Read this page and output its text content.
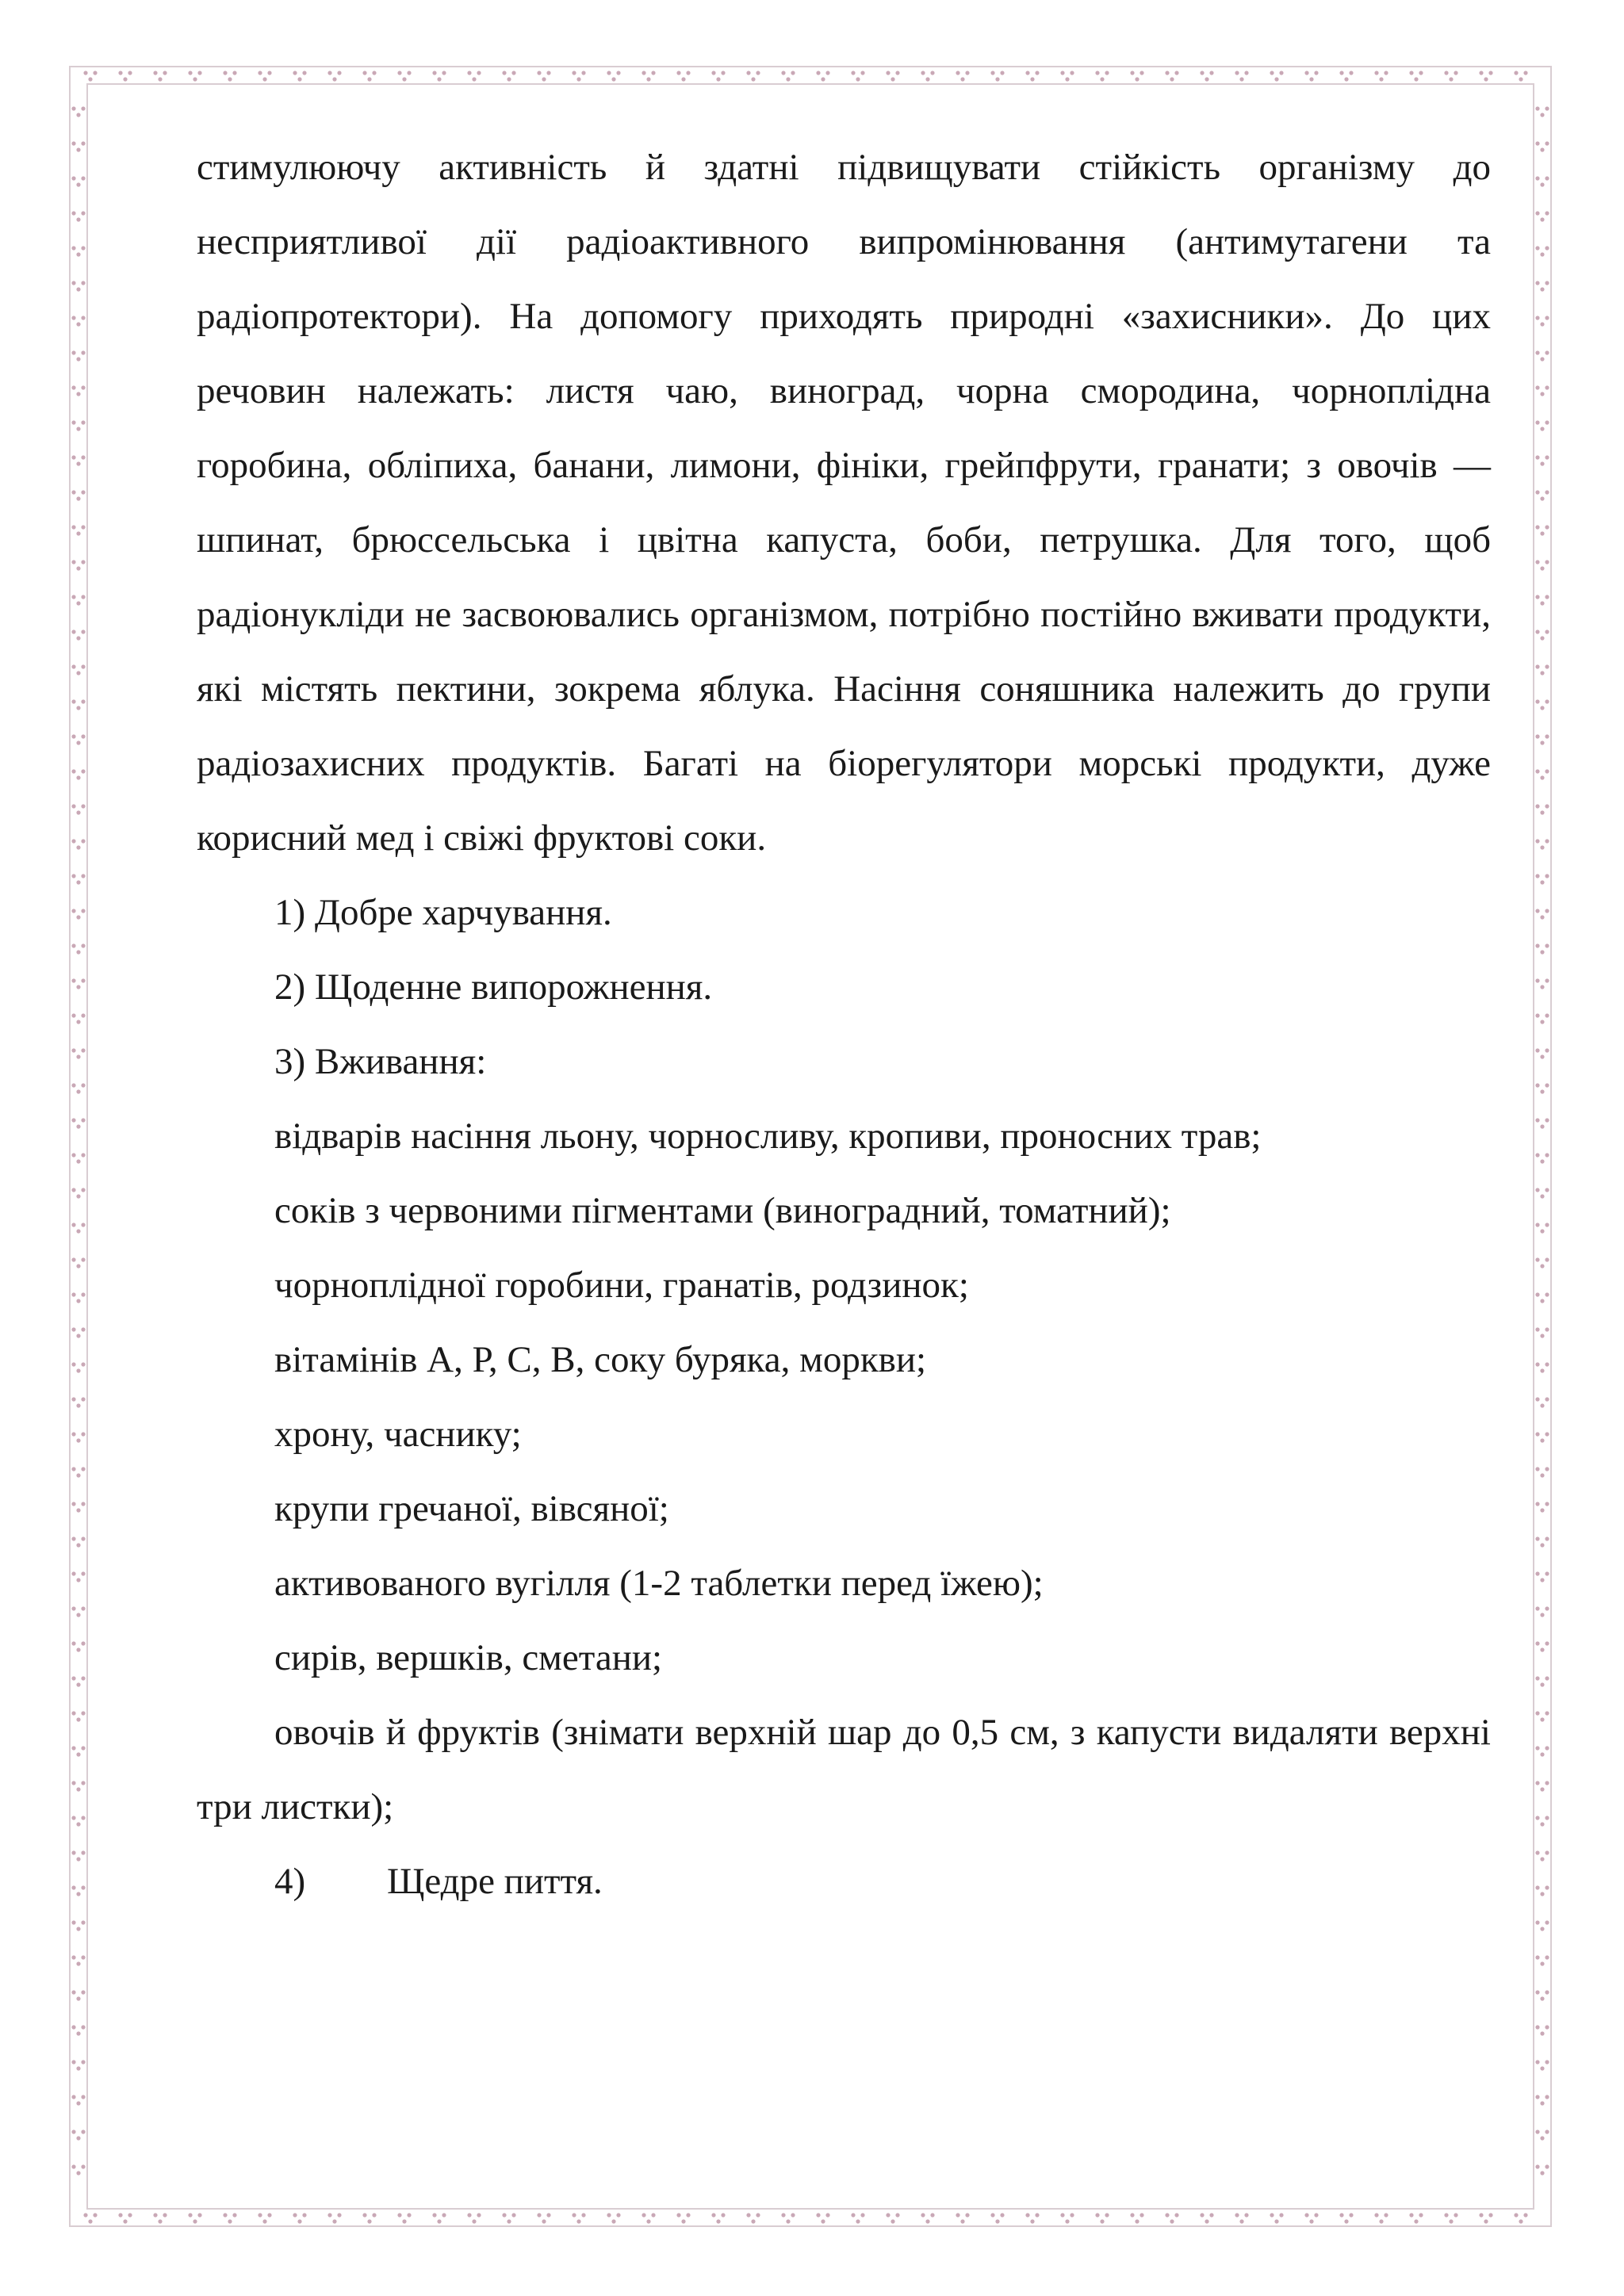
стимулюючу активність й здатні підвищувати стійкість організму до несприятливої дії радіоактивного випромінювання (антимутагени та радіопротектори). На допомогу приходять природні «захисники». До цих речовин належать: листя чаю, виноград, чорна смородина, чорноплідна горобина, обліпиха, банани, лимони, фініки, грейпфрути, гранати; з овочів — шпинат, брюссельська і цвітна капуста, боби, петрушка. Для того, щоб радіонукліди не засвоювались організмом, потрібно постійно вживати продукти, які містять пектини, зокрема яблука. Насіння соняшника належить до групи радіозахисних продуктів. Багаті на біорегулятори морські продукти, дуже корисний мед і свіжі фруктові соки.

1) Добре харчування.

2) Щоденне випорожнення.

3) Вживання:

відварів насіння льону, чорносливу, кропиви, проносних трав;

соків з червоними пігментами (виноградний, томатний);

чорноплідної горобини, гранатів, родзинок;

вітамінів А, Р, С, В, соку буряка, моркви;

хрону, часнику;

крупи гречаної, вівсяної;

активованого вугілля (1-2 таблетки перед їжею);

сирів, вершків, сметани;

овочів й фруктів (знімати верхній шар до 0,5 см, з капусти видаляти верхні три листки);

4) Щедре пиття.
